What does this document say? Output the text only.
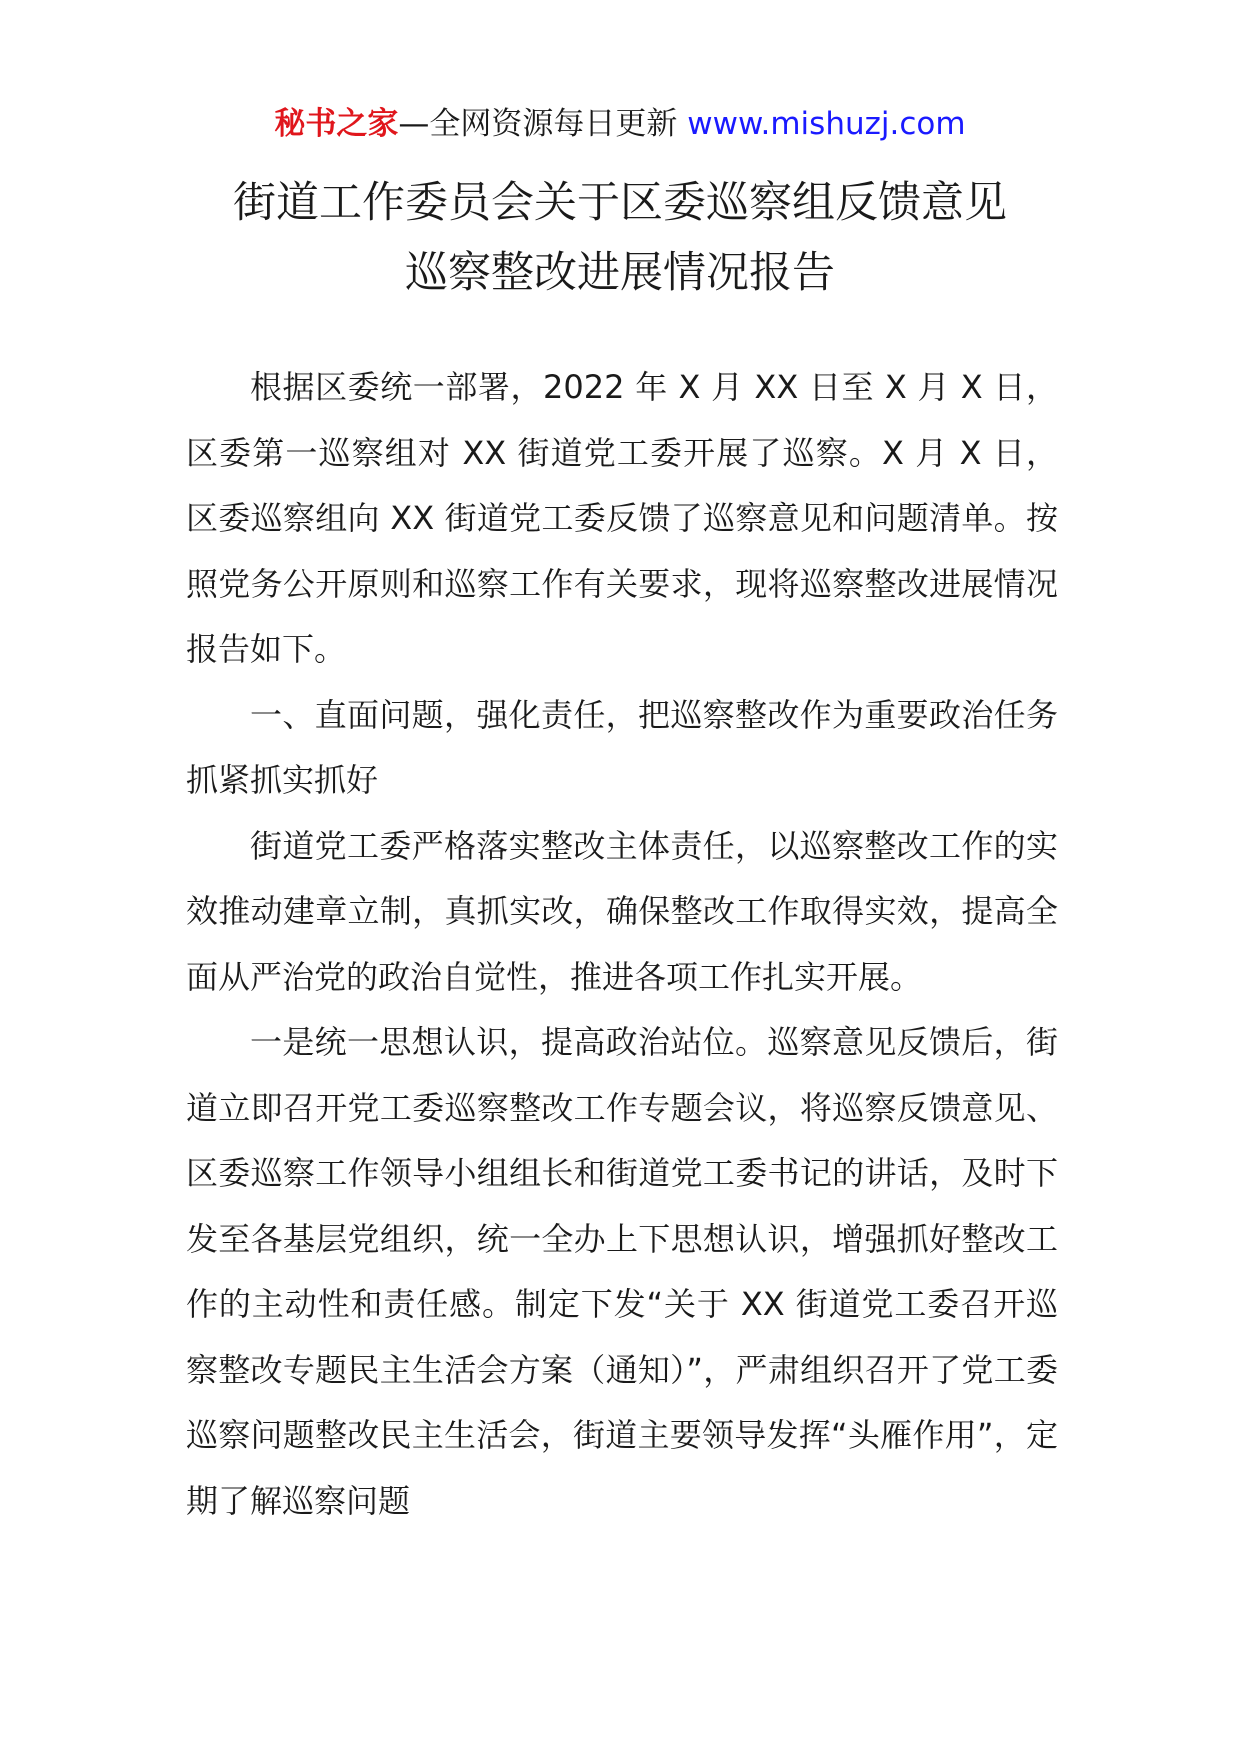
秘书之家—全网资源每日更新 www.mishuzj.com
街道工作委员会关于区委巡察组反馈意见
巡察整改进展情况报告

根据区委统一部署，2022 年 X 月 XX 日至 X 月 X 日，区委第一巡察组对 XX 街道党工委开展了巡察。X 月 X 日，区委巡察组向 XX 街道党工委反馈了巡察意见和问题清单。按照党务公开原则和巡察工作有关要求，现将巡察整改进展情况报告如下。

一、直面问题，强化责任，把巡察整改作为重要政治任务抓紧抓实抓好

街道党工委严格落实整改主体责任，以巡察整改工作的实效推动建章立制，真抓实改，确保整改工作取得实效，提高全面从严治党的政治自觉性，推进各项工作扎实开展。

一是统一思想认识，提高政治站位。巡察意见反馈后，街道立即召开党工委巡察整改工作专题会议，将巡察反馈意见、区委巡察工作领导小组组长和街道党工委书记的讲话，及时下发至各基层党组织，统一全办上下思想认识，增强抓好整改工作的主动性和责任感。制定下发“关于 XX 街道党工委召开巡察整改专题民主生活会方案（通知）”，严肃组织召开了党工委巡察问题整改民主生活会，街道主要领导发挥“头雁作用”，定期了解巡察问题
